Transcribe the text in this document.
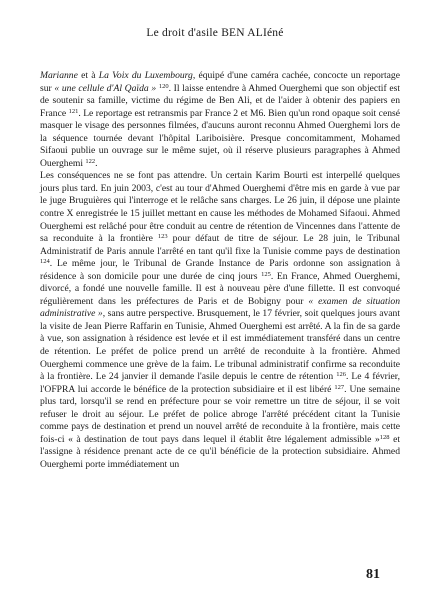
Le droit d'asile BEN ALIéné

Marianne et à La Voix du Luxembourg, équipé d'une caméra cachée, concocte un reportage sur « une cellule d'Al Qaïda » $^{120}$. Il laisse entendre à Ahmed Ouerghemi que son objectif est de soutenir sa famille, victime du régime de Ben Ali, et de l'aider à obtenir des papiers en France $^{121}$. Le reportage est retransmis par France 2 et M6. Bien qu'un rond opaque soit censé masquer le visage des personnes filmées, d'aucuns auront reconnu Ahmed Ouerghemi lors de la séquence tournée devant l'hôpital Lariboisière. Presque concomitamment, Mohamed Sifaoui publie un ouvrage sur le même sujet, où il réserve plusieurs paragraphes à Ahmed Ouerghemi $^{122}$.

Les conséquences ne se font pas attendre. Un certain Karim Bourti est interpellé quelques jours plus tard. En juin 2003, c'est au tour d'Ahmed Ouerghemi d'être mis en garde à vue par le juge Bruguières qui l'interroge et le relâche sans charges. Le 26 juin, il dépose une plainte contre X enregistrée le 15 juillet mettant en cause les méthodes de Mohamed Sifaoui. Ahmed Ouerghemi est relâché pour être conduit au centre de rétention de Vincennes dans l'attente de sa reconduite à la frontière $^{123}$ pour défaut de titre de séjour. Le 28 juin, le Tribunal Administratif de Paris annule l'arrêté en tant qu'il fixe la Tunisie comme pays de destination $^{124}$. Le même jour, le Tribunal de Grande Instance de Paris ordonne son assignation à résidence à son domicile pour une durée de cinq jours $^{125}$. En France, Ahmed Ouerghemi, divorcé, a fondé une nouvelle famille. Il est à nouveau père d'une fillette. Il est convoqué régulièrement dans les préfectures de Paris et de Bobigny pour « examen de situation administrative », sans autre perspective. Brusquement, le 17 février, soit quelques jours avant la visite de Jean Pierre Raffarin en Tunisie, Ahmed Ouerghemi est arrêté. A la fin de sa garde à vue, son assignation à résidence est levée et il est immédiatement transféré dans un centre de rétention. Le préfet de police prend un arrêté de reconduite à la frontière. Ahmed Ouerghemi commence une grève de la faim. Le tribunal administratif confirme sa reconduite à la frontière. Le 24 janvier il demande l'asile depuis le centre de rétention $^{126}$. Le 4 février, l'OFPRA lui accorde le bénéfice de la protection subsidiaire et il est libéré $^{127}$. Une semaine plus tard, lorsqu'il se rend en préfecture pour se voir remettre un titre de séjour, il se voit refuser le droit au séjour. Le préfet de police abroge l'arrêté précédent citant la Tunisie comme pays de destination et prend un nouvel arrêté de reconduite à la frontière, mais cette fois-ci « à destination de tout pays dans lequel il établit être légalement admissible »$^{128}$ et l'assigne à résidence prenant acte de ce qu'il bénéficie de la protection subsidiaire. Ahmed Ouerghemi porte immédiatement un

81
